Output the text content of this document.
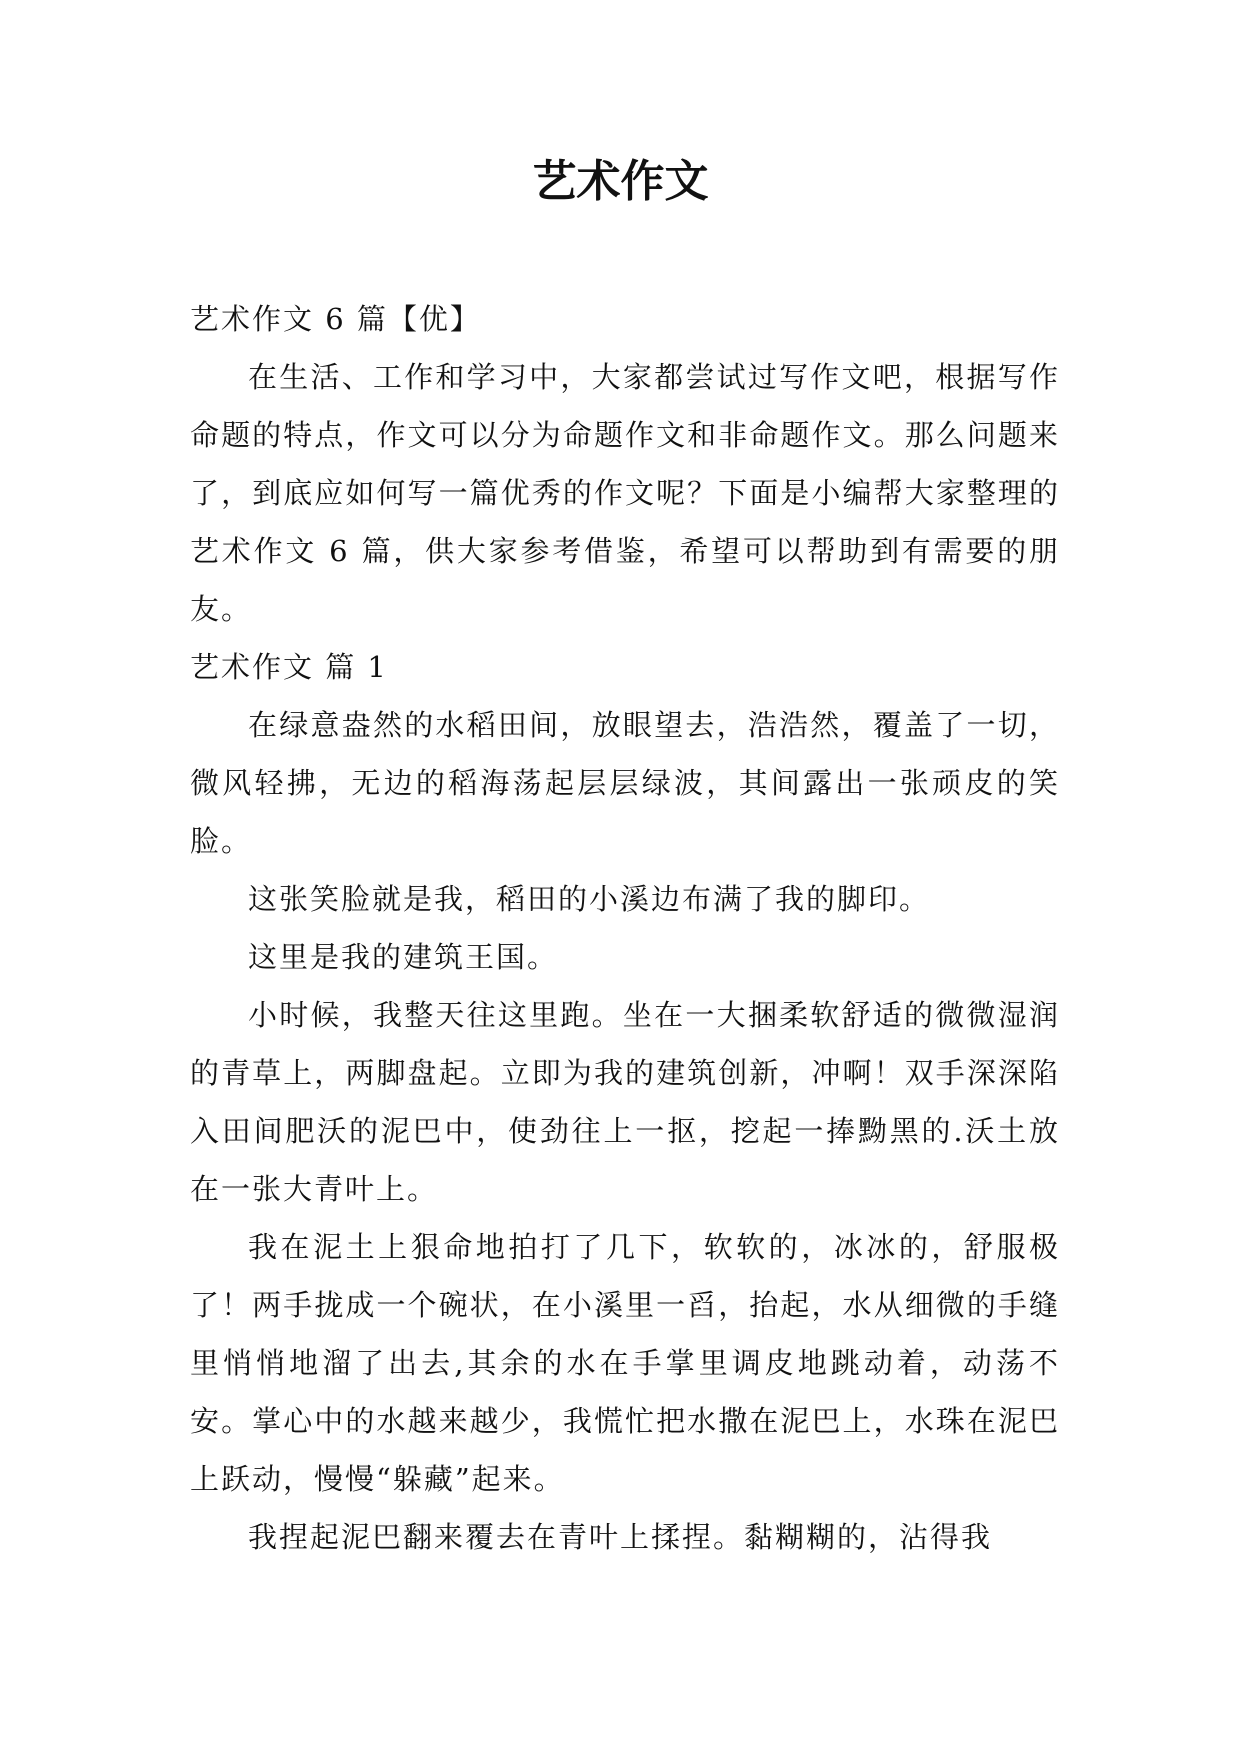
艺术作文

艺术作文 6 篇【优】

在生活、工作和学习中，大家都尝试过写作文吧，根据写作命题的特点，作文可以分为命题作文和非命题作文。那么问题来了，到底应如何写一篇优秀的作文呢？下面是小编帮大家整理的艺术作文 6 篇，供大家参考借鉴，希望可以帮助到有需要的朋友。

艺术作文 篇 1

在绿意盎然的水稻田间，放眼望去，浩浩然，覆盖了一切，微风轻拂，无边的稻海荡起层层绿波，其间露出一张顽皮的笑脸。

这张笑脸就是我，稻田的小溪边布满了我的脚印。

这里是我的建筑王国。

小时候，我整天往这里跑。坐在一大捆柔软舒适的微微湿润的青草上，两脚盘起。立即为我的建筑创新，冲啊！双手深深陷入田间肥沃的泥巴中，使劲往上一抠，挖起一捧黝黑的.沃土放在一张大青叶上。

我在泥土上狠命地拍打了几下，软软的，冰冰的，舒服极了！两手拢成一个碗状，在小溪里一舀，抬起，水从细微的手缝里悄悄地溜了出去,其余的水在手掌里调皮地跳动着，动荡不安。掌心中的水越来越少，我慌忙把水撒在泥巴上，水珠在泥巴上跃动，慢慢“躲藏”起来。

我捏起泥巴翻来覆去在青叶上揉捏。黏糊糊的，沾得我
